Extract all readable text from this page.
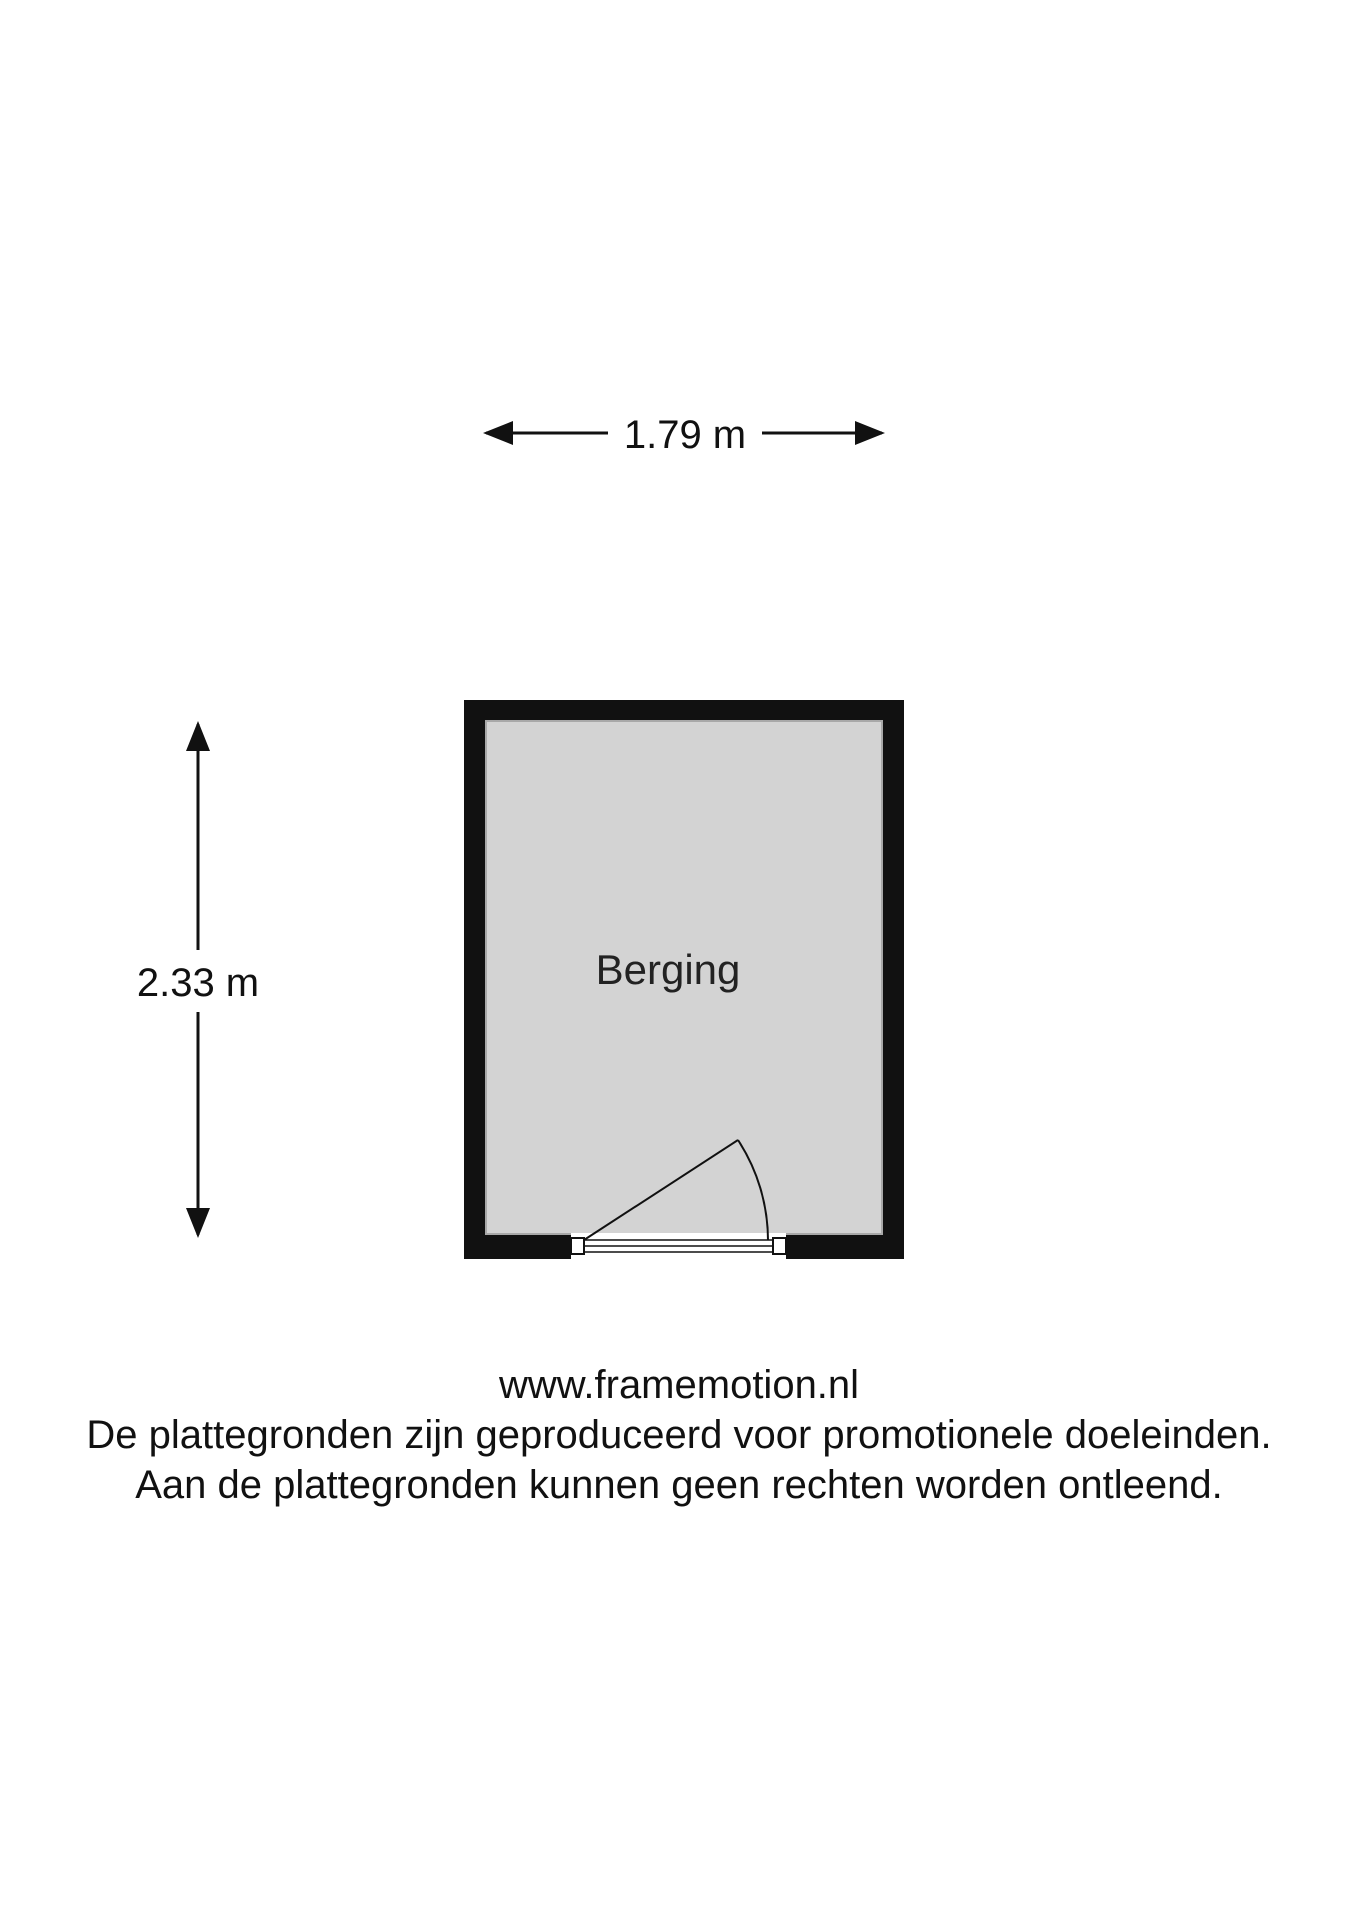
1.79 m
2.33 m	Berging
www.framemotion.nl
De plattegronden zijn geproduceerd voor promotionele doeleinden.
Aan de plattegronden kunnen geen rechten worden ontleend.
